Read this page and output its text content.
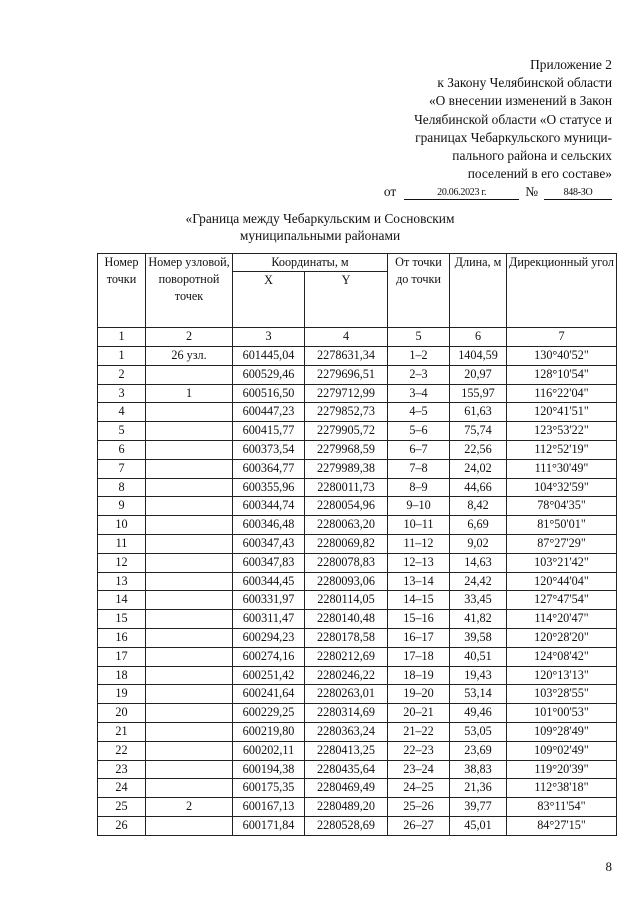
Приложение 2
к Закону Челябинской области
«О внесении изменений в Закон
Челябинской области «О статусе и
границах Чебаркульского муници-
пального района и сельских
поселений в его составе»
от	20.06.2023 г.	№	848-ЗО
«Граница между Чебаркульским и Сосновским
муниципальными районами
Номер точки	Номер узловой, поворотной точек	Координаты, м		От точки до точки	Длина, м	Дирекционный угол
		X	Y			
1	2	3	4	5	6	7
1	26 узл.	601445,04	2278631,34	1–2	1404,59	130°40'52"
2		600529,46	2279696,51	2–3	20,97	128°10'54"
3	1	600516,50	2279712,99	3–4	155,97	116°22'04"
4		600447,23	2279852,73	4–5	61,63	120°41'51"
5		600415,77	2279905,72	5–6	75,74	123°53'22"
6		600373,54	2279968,59	6–7	22,56	112°52'19"
7		600364,77	2279989,38	7–8	24,02	111°30'49"
8		600355,96	2280011,73	8–9	44,66	104°32'59"
9		600344,74	2280054,96	9–10	8,42	78°04'35"
10		600346,48	2280063,20	10–11	6,69	81°50'01"
11		600347,43	2280069,82	11–12	9,02	87°27'29"
12		600347,83	2280078,83	12–13	14,63	103°21'42"
13		600344,45	2280093,06	13–14	24,42	120°44'04"
14		600331,97	2280114,05	14–15	33,45	127°47'54"
15		600311,47	2280140,48	15–16	41,82	114°20'47"
16		600294,23	2280178,58	16–17	39,58	120°28'20"
17		600274,16	2280212,69	17–18	40,51	124°08'42"
18		600251,42	2280246,22	18–19	19,43	120°13'13"
19		600241,64	2280263,01	19–20	53,14	103°28'55"
20		600229,25	2280314,69	20–21	49,46	101°00'53"
21		600219,80	2280363,24	21–22	53,05	109°28'49"
22		600202,11	2280413,25	22–23	23,69	109°02'49"
23		600194,38	2280435,64	23–24	38,83	119°20'39"
24		600175,35	2280469,49	24–25	21,36	112°38'18"
25	2	600167,13	2280489,20	25–26	39,77	83°11'54"
26		600171,84	2280528,69	26–27	45,01	84°27'15"
8
